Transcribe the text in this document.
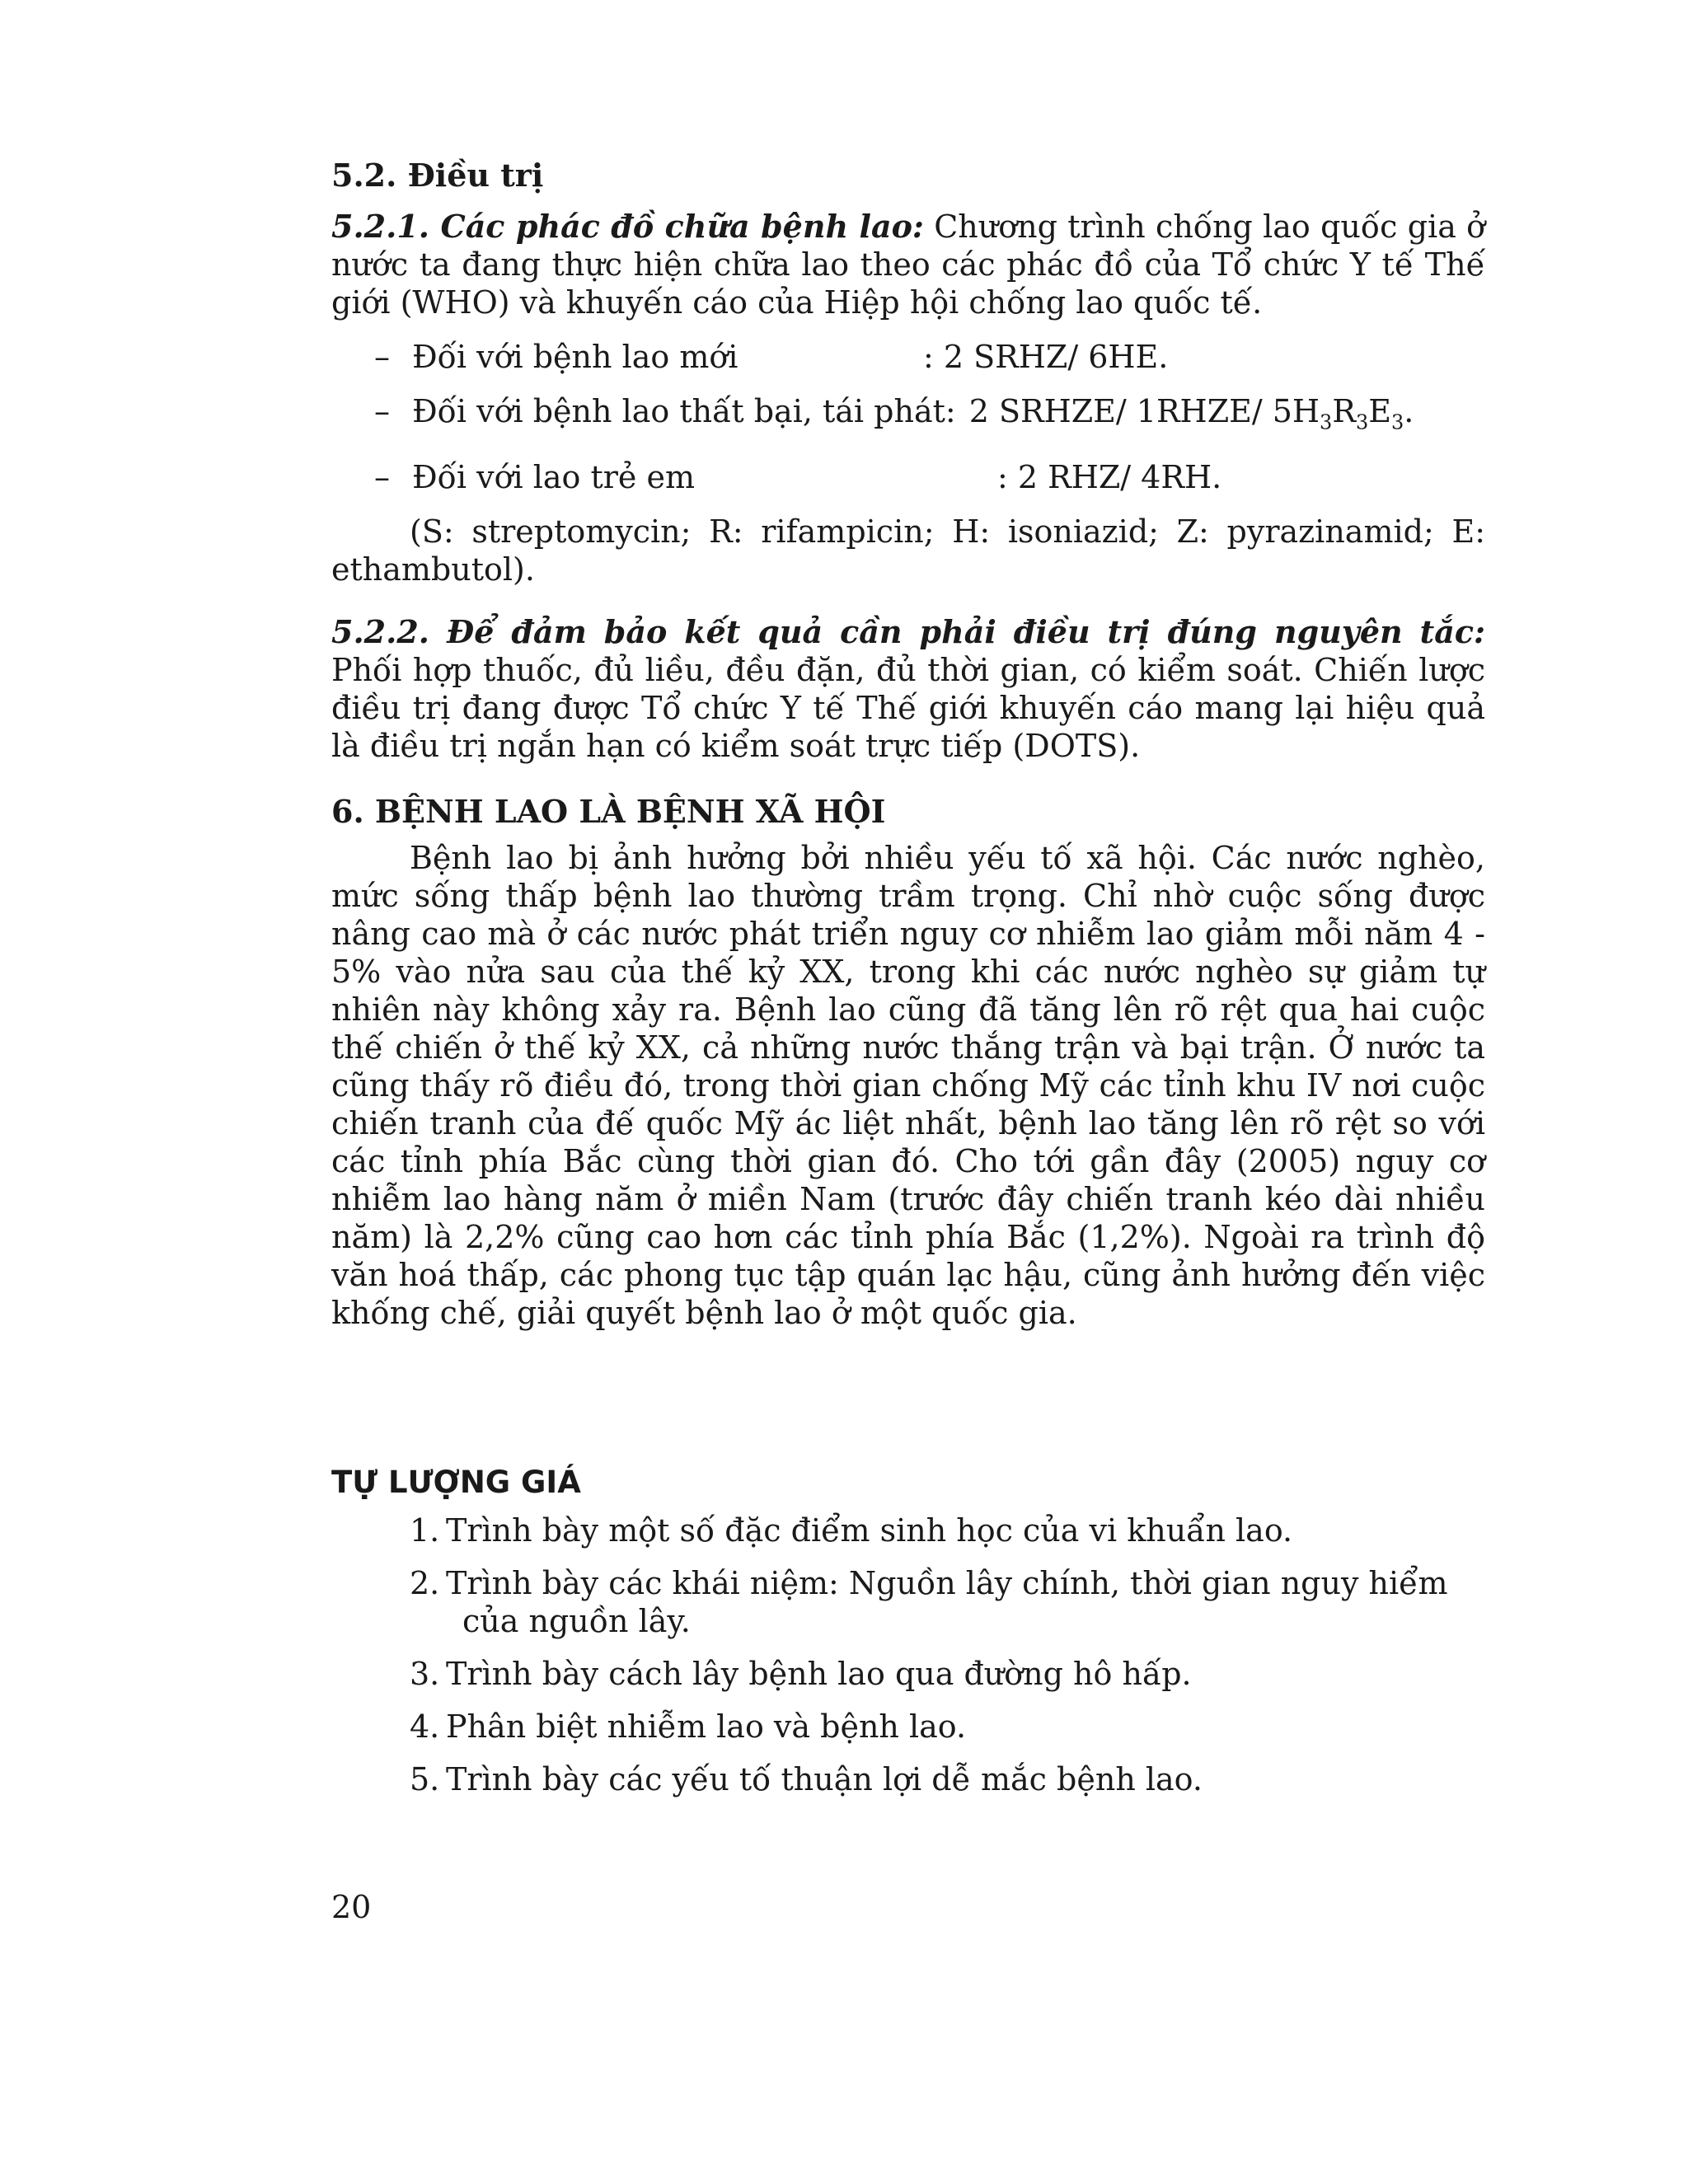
5.2. Điều trị

5.2.1. Các phác đồ chữa bệnh lao: Chương trình chống lao quốc gia ở nước ta đang thực hiện chữa lao theo các phác đồ của Tổ chức Y tế Thế giới (WHO) và khuyến cáo của Hiệp hội chống lao quốc tế.

– Đối với bệnh lao mới	: 2 SRHZ/ 6HE.
– Đối với bệnh lao thất bại, tái phát: 2 SRHZE/ 1RHZE/ $5H_3R_3E_3$.
– Đối với lao trẻ em	: 2 RHZ/ 4RH.

(S: streptomycin; R: rifampicin; H: isoniazid; Z: pyrazinamid; E: ethambutol).

5.2.2. Để đảm bảo kết quả cần phải điều trị đúng nguyên tắc: Phối hợp thuốc, đủ liều, đều đặn, đủ thời gian, có kiểm soát. Chiến lược điều trị đang được Tổ chức Y tế Thế giới khuyến cáo mang lại hiệu quả là điều trị ngắn hạn có kiểm soát trực tiếp (DOTS).

6. BỆNH LAO LÀ BỆNH XÃ HỘI

Bệnh lao bị ảnh hưởng bởi nhiều yếu tố xã hội. Các nước nghèo, mức sống thấp bệnh lao thường trầm trọng. Chỉ nhờ cuộc sống được nâng cao mà ở các nước phát triển nguy cơ nhiễm lao giảm mỗi năm 4 - 5% vào nửa sau của thế kỷ XX, trong khi các nước nghèo sự giảm tự nhiên này không xảy ra. Bệnh lao cũng đã tăng lên rõ rệt qua hai cuộc thế chiến ở thế kỷ XX, cả những nước thắng trận và bại trận. Ở nước ta cũng thấy rõ điều đó, trong thời gian chống Mỹ các tỉnh khu IV nơi cuộc chiến tranh của đế quốc Mỹ ác liệt nhất, bệnh lao tăng lên rõ rệt so với các tỉnh phía Bắc cùng thời gian đó. Cho tới gần đây (2005) nguy cơ nhiễm lao hàng năm ở miền Nam (trước đây chiến tranh kéo dài nhiều năm) là 2,2% cũng cao hơn các tỉnh phía Bắc (1,2%). Ngoài ra trình độ văn hoá thấp, các phong tục tập quán lạc hậu, cũng ảnh hưởng đến việc khống chế, giải quyết bệnh lao ở một quốc gia.

TỰ LƯỢNG GIÁ

1. Trình bày một số đặc điểm sinh học của vi khuẩn lao.
2. Trình bày các khái niệm: Nguồn lây chính, thời gian nguy hiểm của nguồn lây.
3. Trình bày cách lây bệnh lao qua đường hô hấp.
4. Phân biệt nhiễm lao và bệnh lao.
5. Trình bày các yếu tố thuận lợi dễ mắc bệnh lao.
20
